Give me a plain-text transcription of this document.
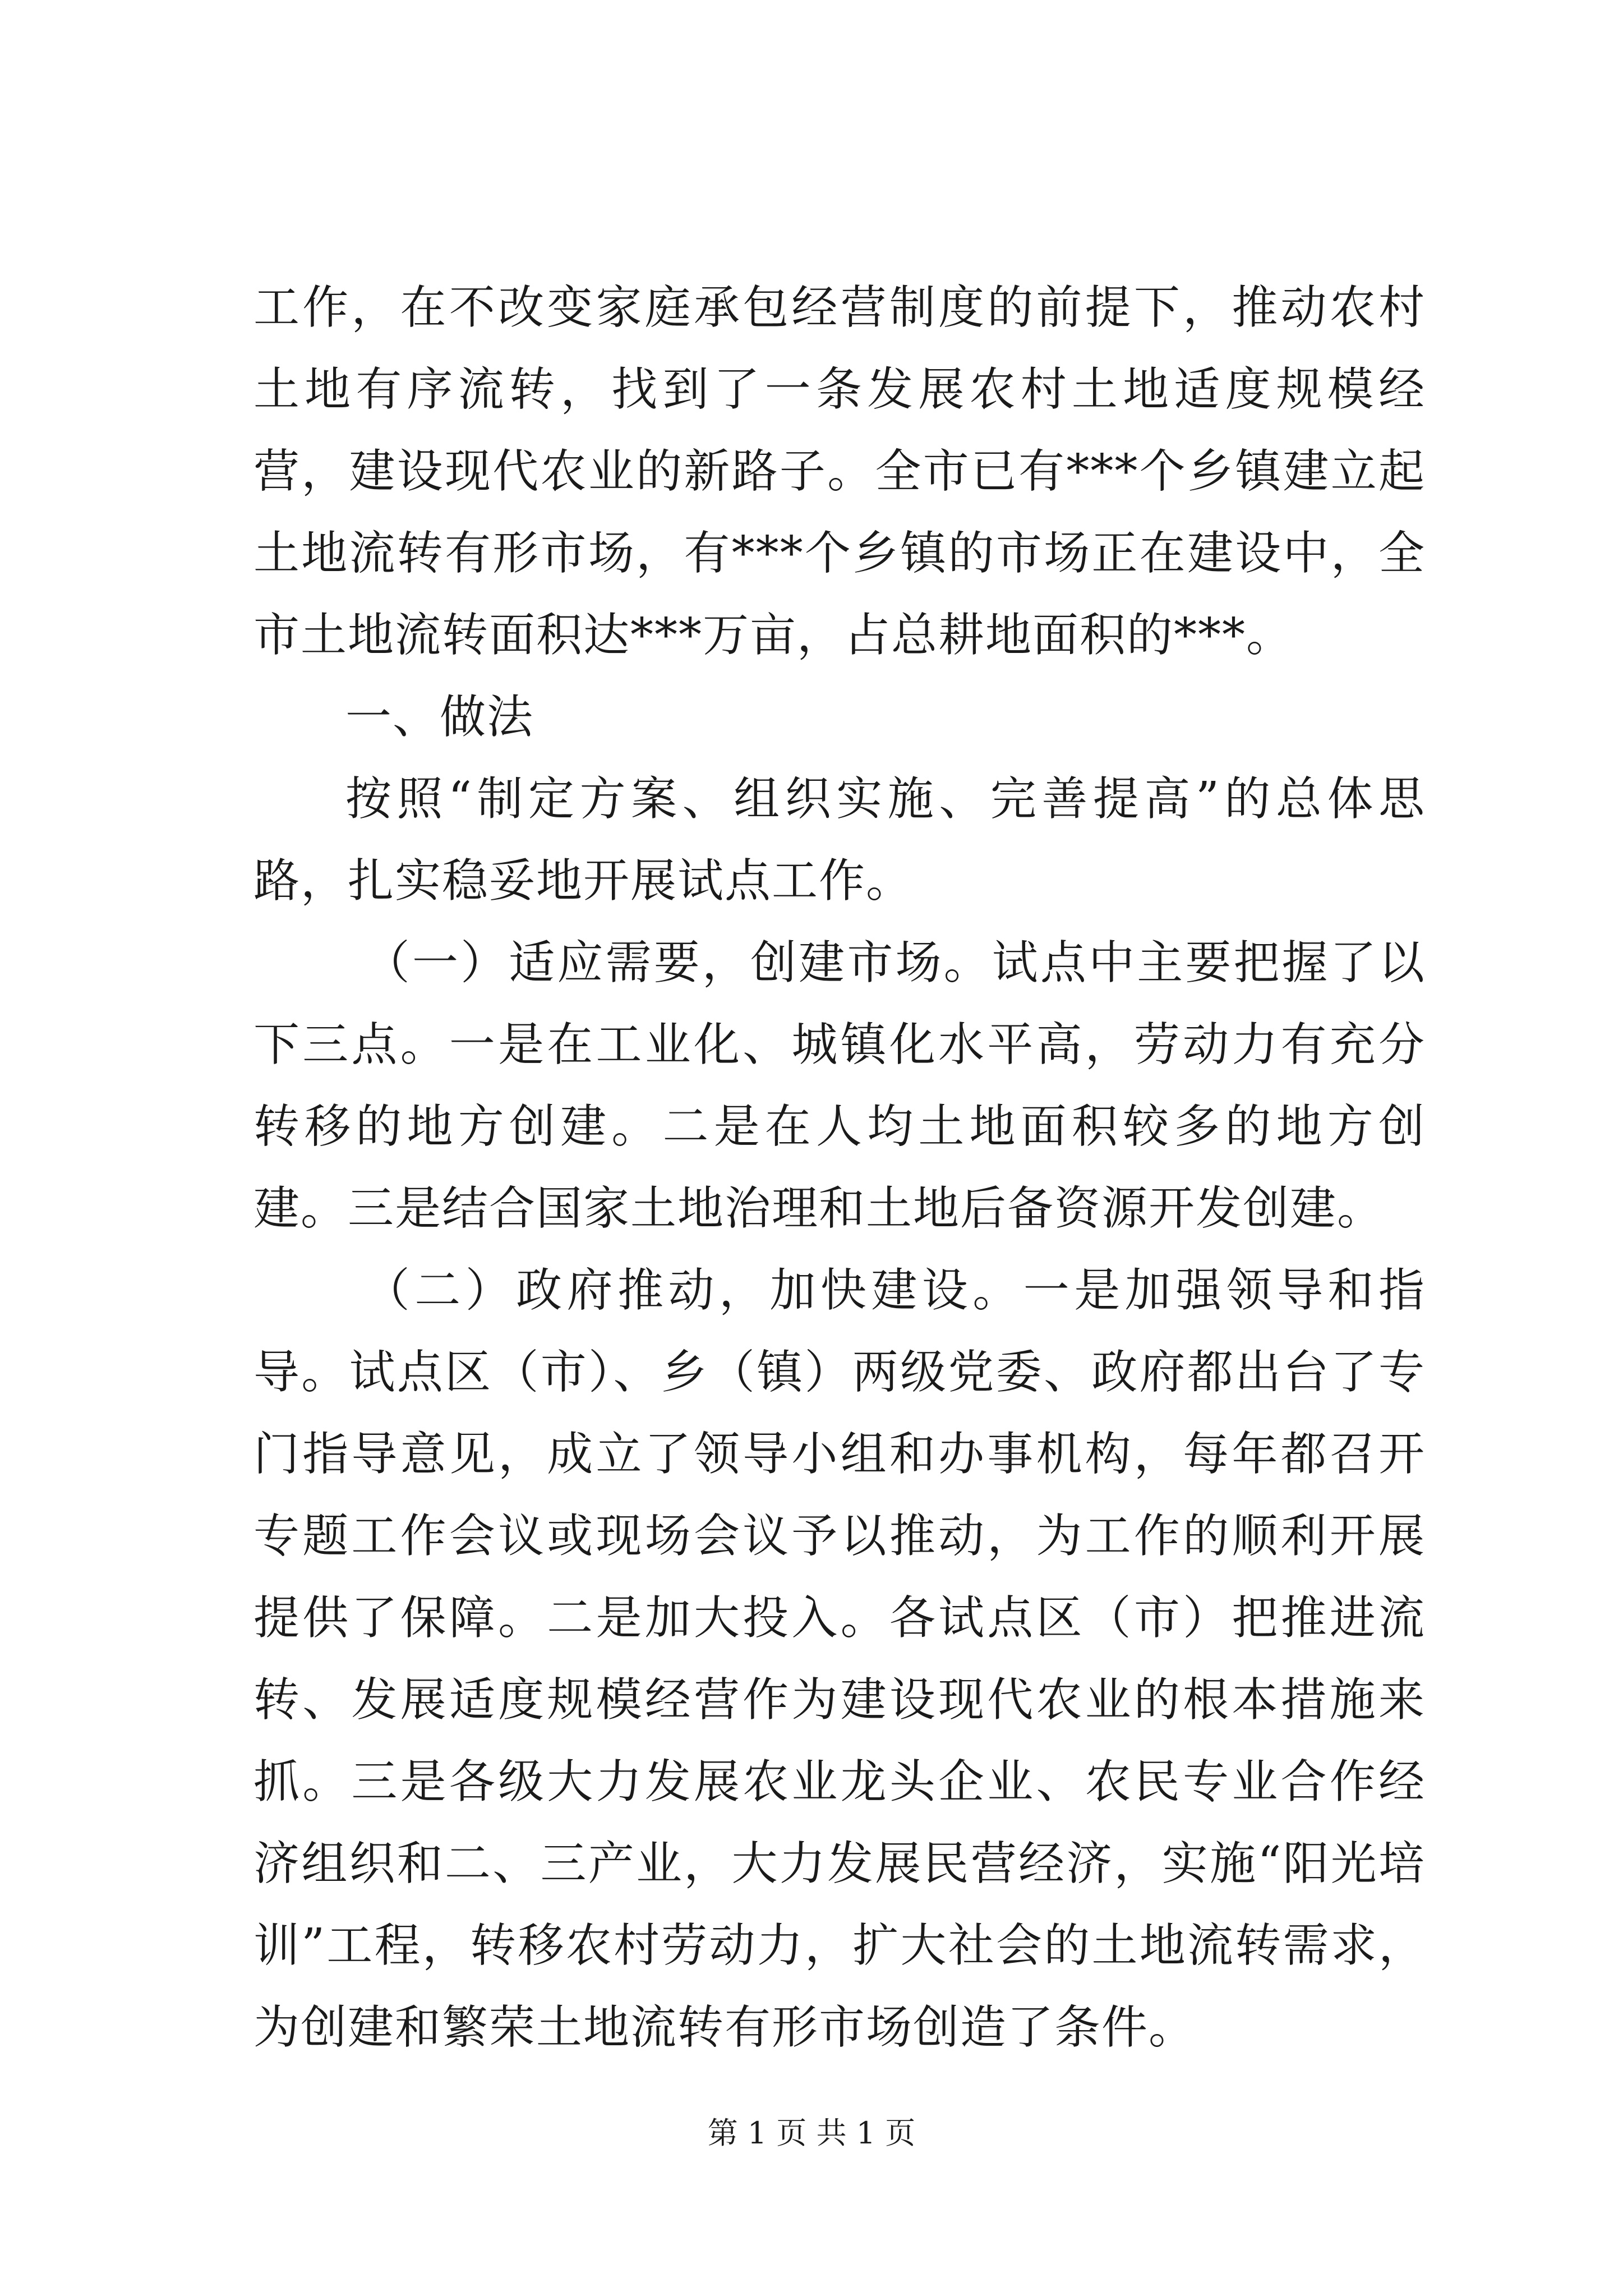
工作，在不改变家庭承包经营制度的前提下，推动农村土地有序流转，找到了一条发展农村土地适度规模经营，建设现代农业的新路子。全市已有***个乡镇建立起土地流转有形市场，有***个乡镇的市场正在建设中，全市土地流转面积达***万亩，占总耕地面积的***。

一、做法

按照“制定方案、组织实施、完善提高”的总体思路，扎实稳妥地开展试点工作。

（一）适应需要，创建市场。试点中主要把握了以下三点。一是在工业化、城镇化水平高，劳动力有充分转移的地方创建。二是在人均土地面积较多的地方创建。三是结合国家土地治理和土地后备资源开发创建。

（二）政府推动，加快建设。一是加强领导和指导。试点区（市）、乡（镇）两级党委、政府都出台了专门指导意见，成立了领导小组和办事机构，每年都召开专题工作会议或现场会议予以推动，为工作的顺利开展提供了保障。二是加大投入。各试点区（市）把推进流转、发展适度规模经营作为建设现代农业的根本措施来抓。三是各级大力发展农业龙头企业、农民专业合作经济组织和二、三产业，大力发展民营经济，实施“阳光培训”工程，转移农村劳动力，扩大社会的土地流转需求，为创建和繁荣土地流转有形市场创造了条件。

第 1 页 共 1 页
